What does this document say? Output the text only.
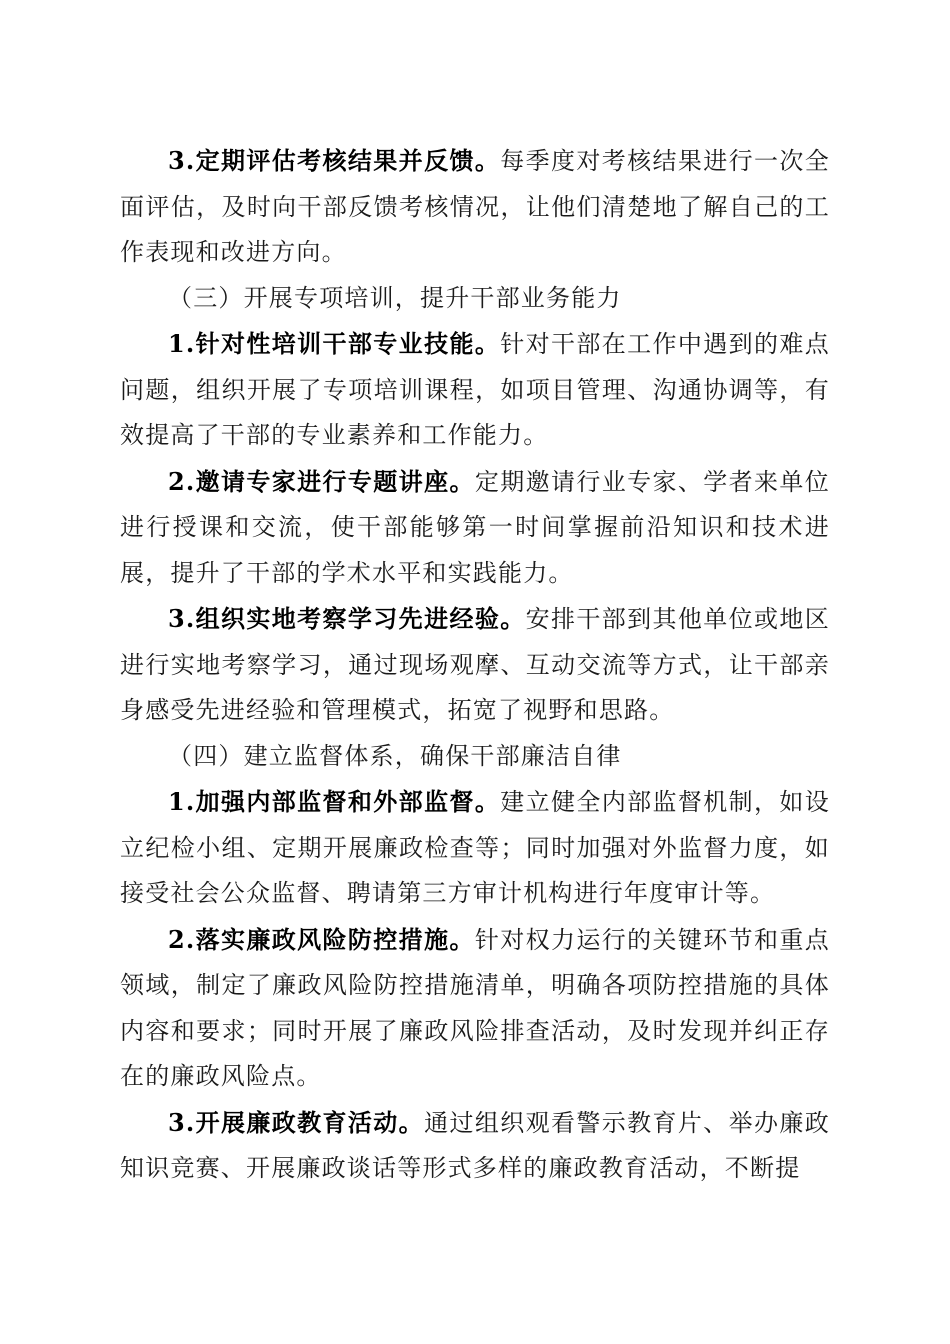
3.定期评估考核结果并反馈。每季度对考核结果进行一次全面评估，及时向干部反馈考核情况，让他们清楚地了解自己的工作表现和改进方向。

（三）开展专项培训，提升干部业务能力

1.针对性培训干部专业技能。针对干部在工作中遇到的难点问题，组织开展了专项培训课程，如项目管理、沟通协调等，有效提高了干部的专业素养和工作能力。

2.邀请专家进行专题讲座。定期邀请行业专家、学者来单位进行授课和交流，使干部能够第一时间掌握前沿知识和技术进展，提升了干部的学术水平和实践能力。

3.组织实地考察学习先进经验。安排干部到其他单位或地区进行实地考察学习，通过现场观摩、互动交流等方式，让干部亲身感受先进经验和管理模式，拓宽了视野和思路。

（四）建立监督体系，确保干部廉洁自律

1.加强内部监督和外部监督。建立健全内部监督机制，如设立纪检小组、定期开展廉政检查等；同时加强对外监督力度，如接受社会公众监督、聘请第三方审计机构进行年度审计等。

2.落实廉政风险防控措施。针对权力运行的关键环节和重点领域，制定了廉政风险防控措施清单，明确各项防控措施的具体内容和要求；同时开展了廉政风险排查活动，及时发现并纠正存在的廉政风险点。

3.开展廉政教育活动。通过组织观看警示教育片、举办廉政知识竞赛、开展廉政谈话等形式多样的廉政教育活动，不断提
